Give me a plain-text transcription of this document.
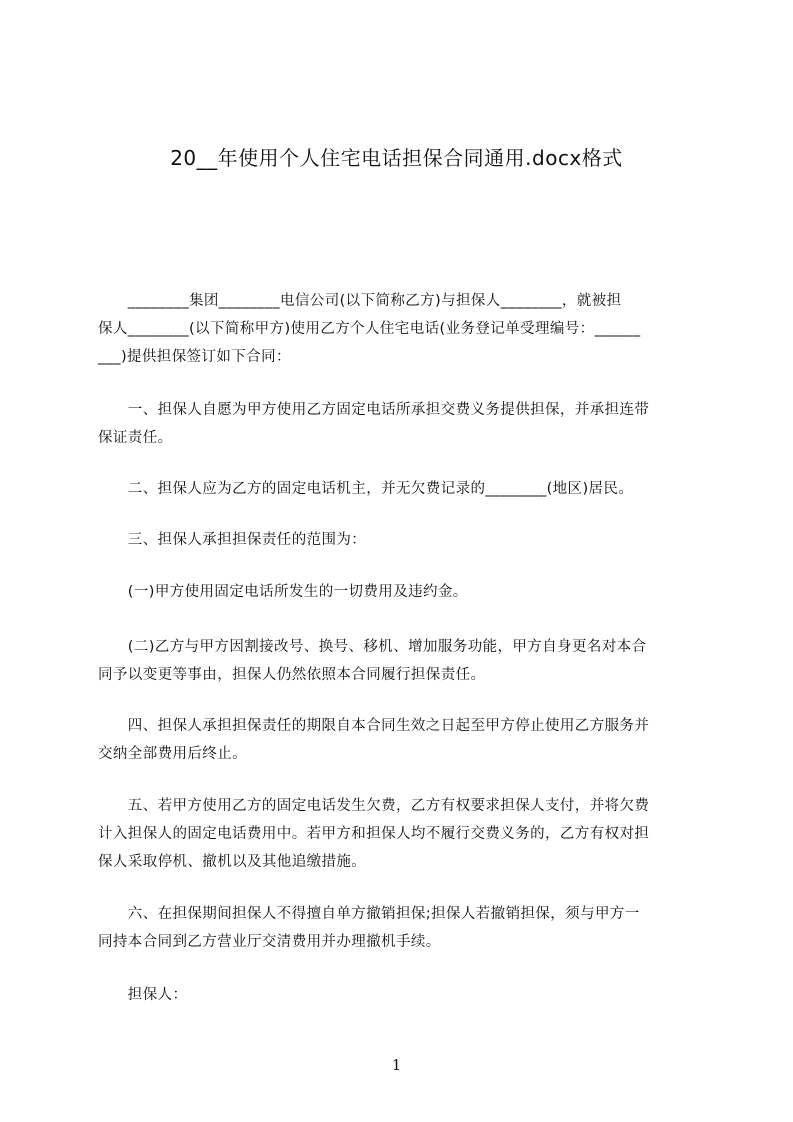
20__年使用个人住宅电话担保合同通用.docx格式
　　________集团________电信公司(以下简称乙方)与担保人________，就被担
保人________(以下简称甲方)使用乙方个人住宅电话(业务登记单受理编号：______
___)提供担保签订如下合同：
　　一、担保人自愿为甲方使用乙方固定电话所承担交费义务提供担保，并承担连带
保证责任。
　　二、担保人应为乙方的固定电话机主，并无欠费记录的________(地区)居民。
　　三、担保人承担担保责任的范围为：
　　(一)甲方使用固定电话所发生的一切费用及违约金。
　　(二)乙方与甲方因割接改号、换号、移机、增加服务功能，甲方自身更名对本合
同予以变更等事由，担保人仍然依照本合同履行担保责任。
　　四、担保人承担担保责任的期限自本合同生效之日起至甲方停止使用乙方服务并
交纳全部费用后终止。
　　五、若甲方使用乙方的固定电话发生欠费，乙方有权要求担保人支付，并将欠费
计入担保人的固定电话费用中。若甲方和担保人均不履行交费义务的，乙方有权对担
保人采取停机、撤机以及其他追缴措施。
　　六、在担保期间担保人不得擅自单方撤销担保;担保人若撤销担保，须与甲方一
同持本合同到乙方营业厅交清费用并办理撤机手续。
　　担保人：
1
